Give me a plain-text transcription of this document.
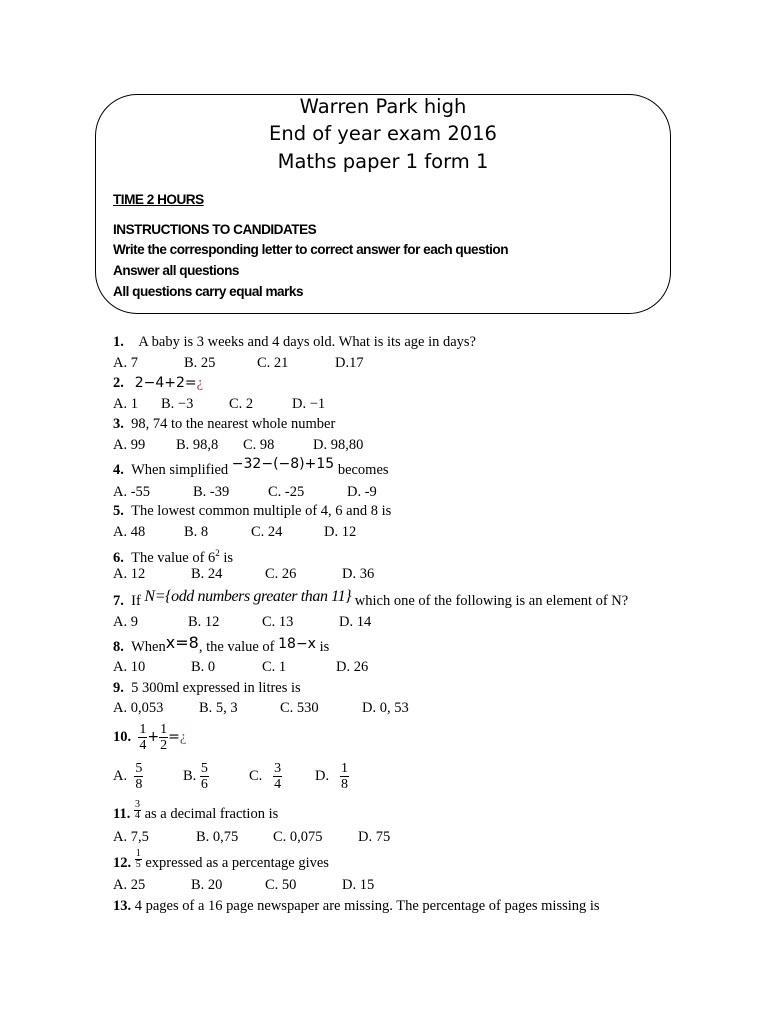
Warren Park high
End of year exam 2016
Maths paper 1 form 1
TIME 2 HOURS
INSTRUCTIONS TO CANDIDATES
Write the corresponding letter to correct answer for each question
Answer all questions
All questions carry equal marks
1. A baby is 3 weeks and 4 days old. What is its age in days?
A. 7	B. 25	C. 21	D.17
2. 2−4+2=¿
A. 1 B. −3 C. 2	D. −1
3. 98, 74 to the nearest whole number
A. 99 B. 98,8 C. 98	D. 98,80
4. When simplified −32−(−8)+15 becomes
A. -55	B. -39	C. -25	D. -9
5. The lowest common multiple of 4, 6 and 8 is
A. 48	B. 8	C. 24	D. 12
6. The value of $6^2$ is
A. 12	B. 24	C. 26	D. 36
7. If N={odd numbers greater than 11} which one of the following is an element of N?
A. 9	B. 12	C. 13	D. 14
8. Whenx=8, the value of 18−x is
A. 10	B. 0	C. 1	D. 26
9. 5 300ml expressed in litres is
A. 0,053 B. 5, 3	C. 530	D. 0, 53
10. $\frac{1}{4} + \frac{1}{2}$ =¿
A. $\frac{5}{8}$	B. $\frac{5}{6}$	C. $\frac{3}{4} D$. $\frac{1}{8}$
11. $\frac{3}{4}$ as a decimal fraction is
A. 7,5	B. 0,75 C. 0,075 D. 75
12. $\frac{1}{5}$ expressed as a percentage gives
A. 25	B. 20	C. 50	D. 15
13. 4 pages of a 16 page newspaper are missing. The percentage of pages missing is
